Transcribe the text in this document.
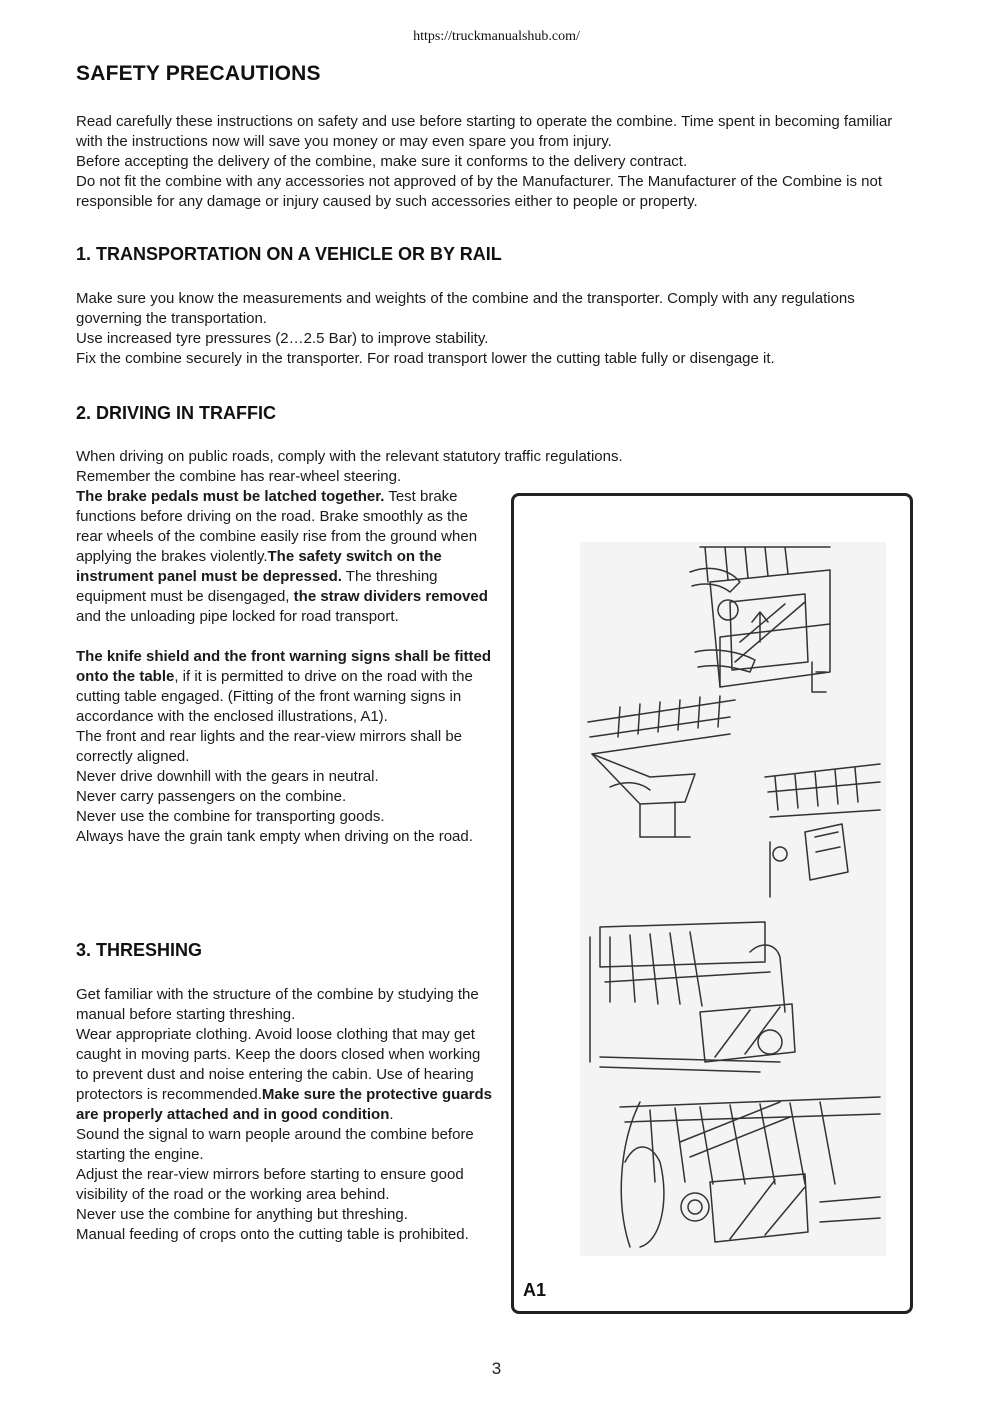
https://truckmanualshub.com/
SAFETY PRECAUTIONS

Read carefully these instructions on safety and use before starting to operate the combine. Time spent in becoming familiar with the instructions now will save you money or may even spare you from injury.
Before accepting the delivery of the combine, make sure it conforms to the delivery contract.
Do not fit the combine with any accessories not approved of by the Manufacturer. The Manufacturer of the Combine is not responsible for any damage or injury caused by such accessories either to people or property.

1. TRANSPORTATION ON A VEHICLE OR BY RAIL

Make sure you know the measurements and weights of the combine and the transporter. Comply with any regulations governing the transportation.
Use increased tyre pressures (2…2.5 Bar) to improve stability.
Fix the combine securely in the transporter. For road transport lower the cutting table fully or disengage it.

2. DRIVING IN TRAFFIC

When driving on public roads, comply with the relevant statutory traffic regulations.

Remember the combine has rear-wheel steering.
The brake pedals must be latched together. Test brake functions before driving on the road. Brake smoothly as the rear wheels of the combine easily rise from the ground when applying the brakes violently.The safety switch on the instrument panel must be depressed. The threshing equipment must be disengaged, the straw dividers removed and the unloading pipe locked for road transport.
The knife shield and the front warning signs shall be fitted onto the table, if it is permitted to drive on the road with the cutting table engaged. (Fitting of the front warning signs in accordance with the enclosed illustrations, A1).
The front and rear lights and the rear-view mirrors shall be correctly aligned.
Never drive downhill with the gears in neutral.
Never carry passengers on the combine.
Never use the combine for transporting goods.
Always have the grain tank empty when driving on the road.

3. THRESHING

Get familiar with the structure of the combine by studying the manual before starting threshing.
Wear appropriate clothing. Avoid loose clothing that may get caught in moving parts. Keep the doors closed when working to prevent dust and noise entering the cabin. Use of hearing protectors is recommended.Make sure the protective guards are properly attached and in good condition.
Sound the signal to warn people around the combine before starting the engine.
Adjust the rear-view mirrors before starting to ensure good visibility of the road or the working area behind.
Never use the combine for anything but threshing.
Manual feeding of crops onto the cutting table is prohibited.

A1
3
